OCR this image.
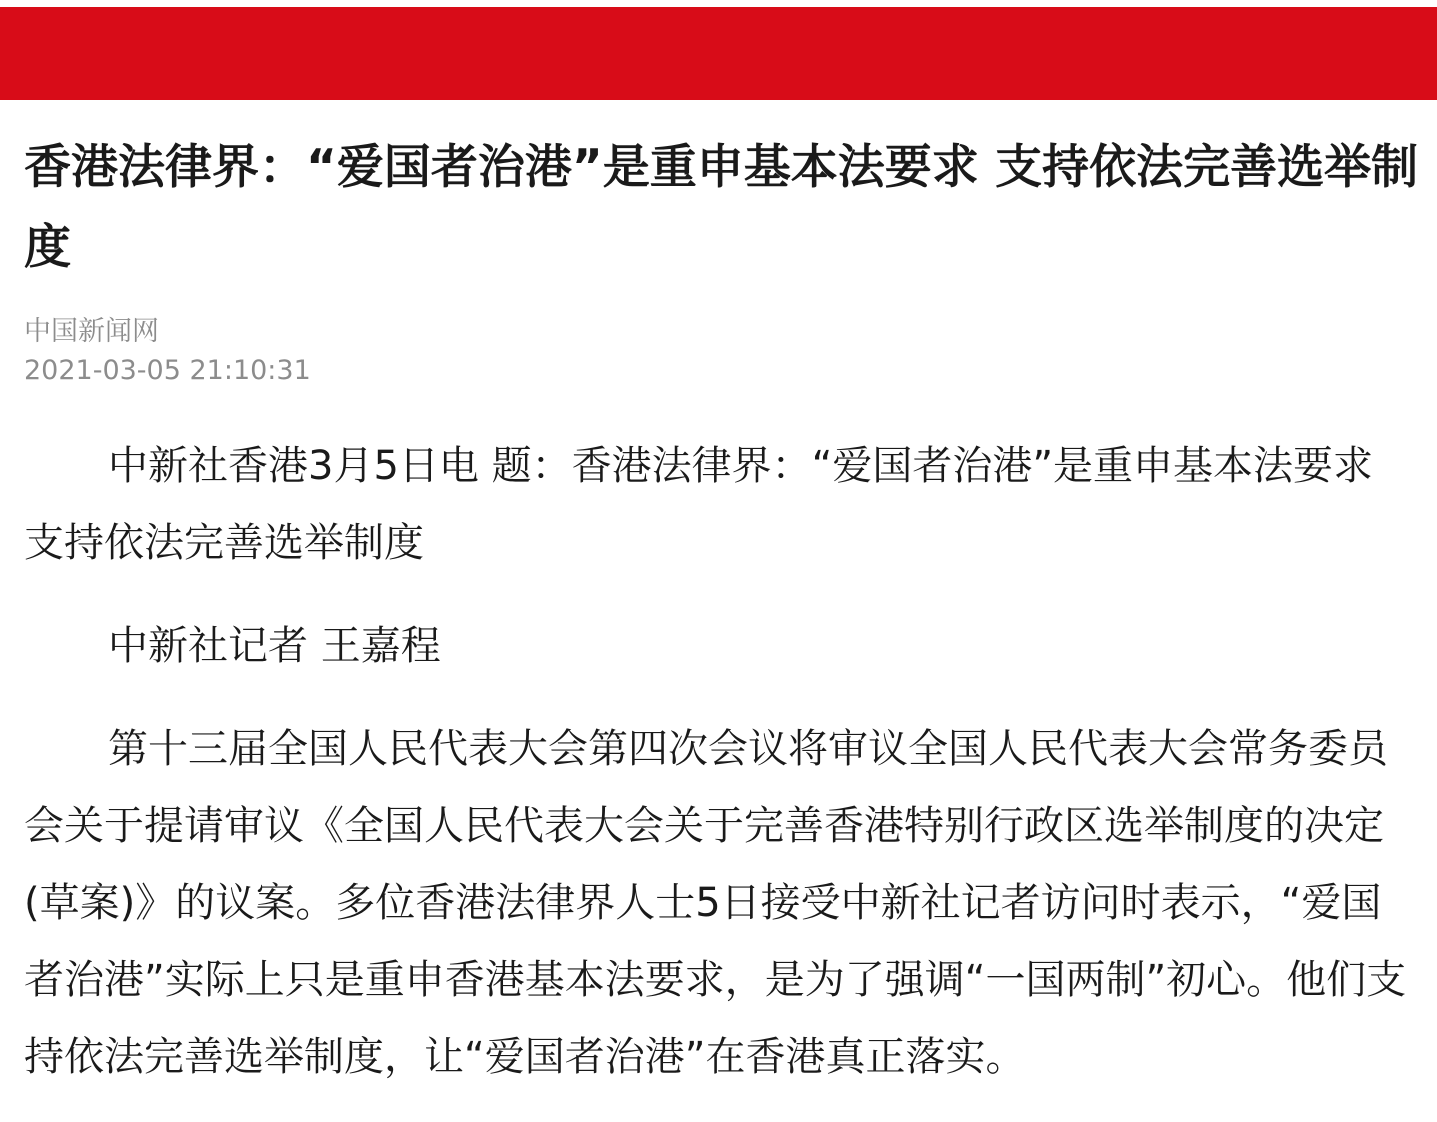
香港法律界：“爱国者治港”是重申基本法要求 支持依法完善选举制度
中国新闻网
2021-03-05 21:10:31

中新社香港3月5日电 题：香港法律界：“爱国者治港”是重申基本法要求 支持依法完善选举制度

中新社记者 王嘉程

第十三届全国人民代表大会第四次会议将审议全国人民代表大会常务委员会关于提请审议《全国人民代表大会关于完善香港特别行政区选举制度的决定(草案)》的议案。多位香港法律界人士5日接受中新社记者访问时表示，“爱国者治港”实际上只是重申香港基本法要求，是为了强调“一国两制”初心。他们支持依法完善选举制度，让“爱国者治港”在香港真正落实。
